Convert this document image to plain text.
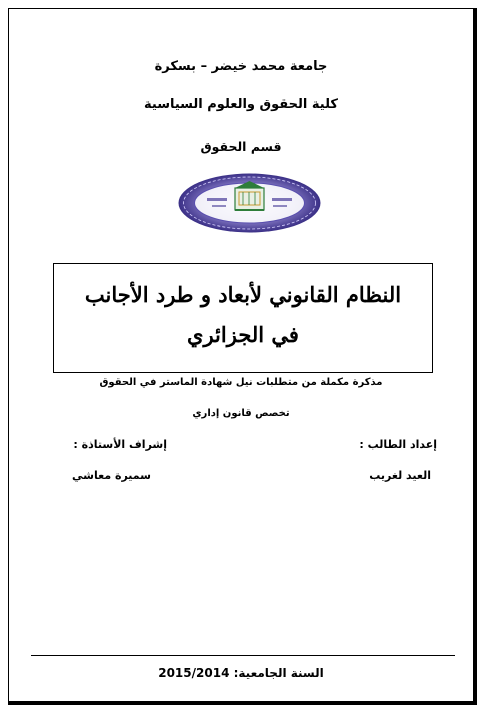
جامعة محمد خيضر – بسكرة
كلية الحقوق والعلوم السياسية
قسم الحقوق
النظام القانوني لأبعاد و طرد الأجانب
في الجزائري
مذكرة مكملة من متطلبات نيل شهادة الماستر في الحقوق
تخصص قانون إداري
إعداد الطالب :
إشراف الأستاذة :
العيد لغريب
سميرة معاشي
السنة الجامعية: 2015/2014
